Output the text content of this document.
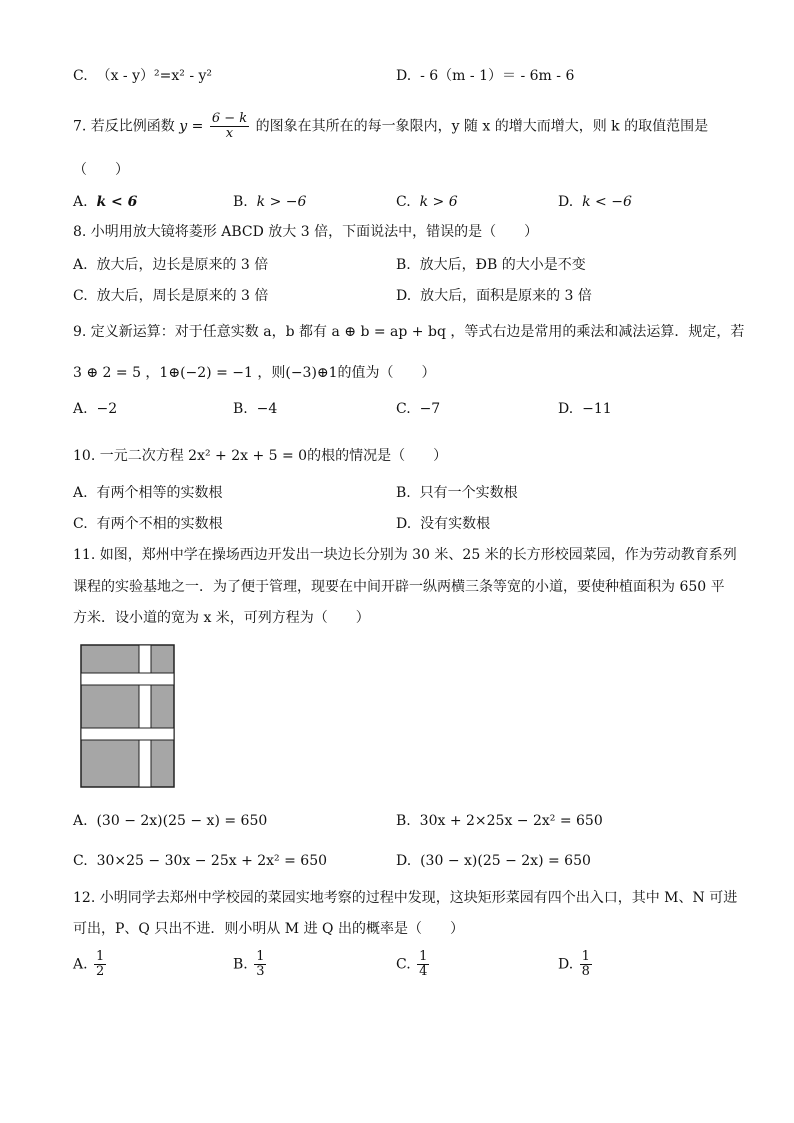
C. （x - y）²=x² - y²	D. - 6（m - 1）＝ - 6m - 6
7. 若反比例函数 $y = \frac{6 - k}{x}$ 的图象在其所在的每一象限内，y 随 x 的增大而增大，则 k 的取值范围是
（　　）
A. k < 6	B. k > −6	C. k > 6	D. k < −6
8. 小明用放大镜将菱形 ABCD 放大 3 倍，下面说法中，错误的是（　　）
A. 放大后，边长是原来的 3 倍	B. 放大后，ÐB 的大小是不变
C. 放大后，周长是原来的 3 倍	D. 放大后，面积是原来的 3 倍
9. 定义新运算：对于任意实数 a，b 都有 a ⊕ b = ap + bq ，等式右边是常用的乘法和减法运算．规定，若
3 ⊕ 2 = 5 ，1⊕(−2) = −1 ，则(−3)⊕1的值为（　　）
A. −2	B. −4	C. −7	D. −11
10. 一元二次方程 2x² + 2x + 5 = 0的根的情况是（　　）
A. 有两个相等的实数根	B. 只有一个实数根
C. 有两个不相的实数根	D. 没有实数根
11. 如图，郑州中学在操场西边开发出一块边长分别为 30 米、25 米的长方形校园菜园，作为劳动教育系列
课程的实验基地之一．为了便于管理，现要在中间开辟一纵两横三条等宽的小道，要使种植面积为 650 平
方米．设小道的宽为 x 米，可列方程为（　　）
A. (30 − 2x)(25 − x) = 650	B. 30x + 2×25x − 2x² = 650
C. 30×25 − 30x − 25x + 2x² = 650	D. (30 − x)(25 − 2x) = 650
12. 小明同学去郑州中学校园的菜园实地考察的过程中发现，这块矩形菜园有四个出入口，其中 M、N 可进
可出，P、Q 只出不进．则小明从 M 进 Q 出的概率是（　　）
A. $\frac{1}{2}$	B. $\frac{1}{3}$	C. $\frac{1}{4}$	D. $\frac{1}{8}$
